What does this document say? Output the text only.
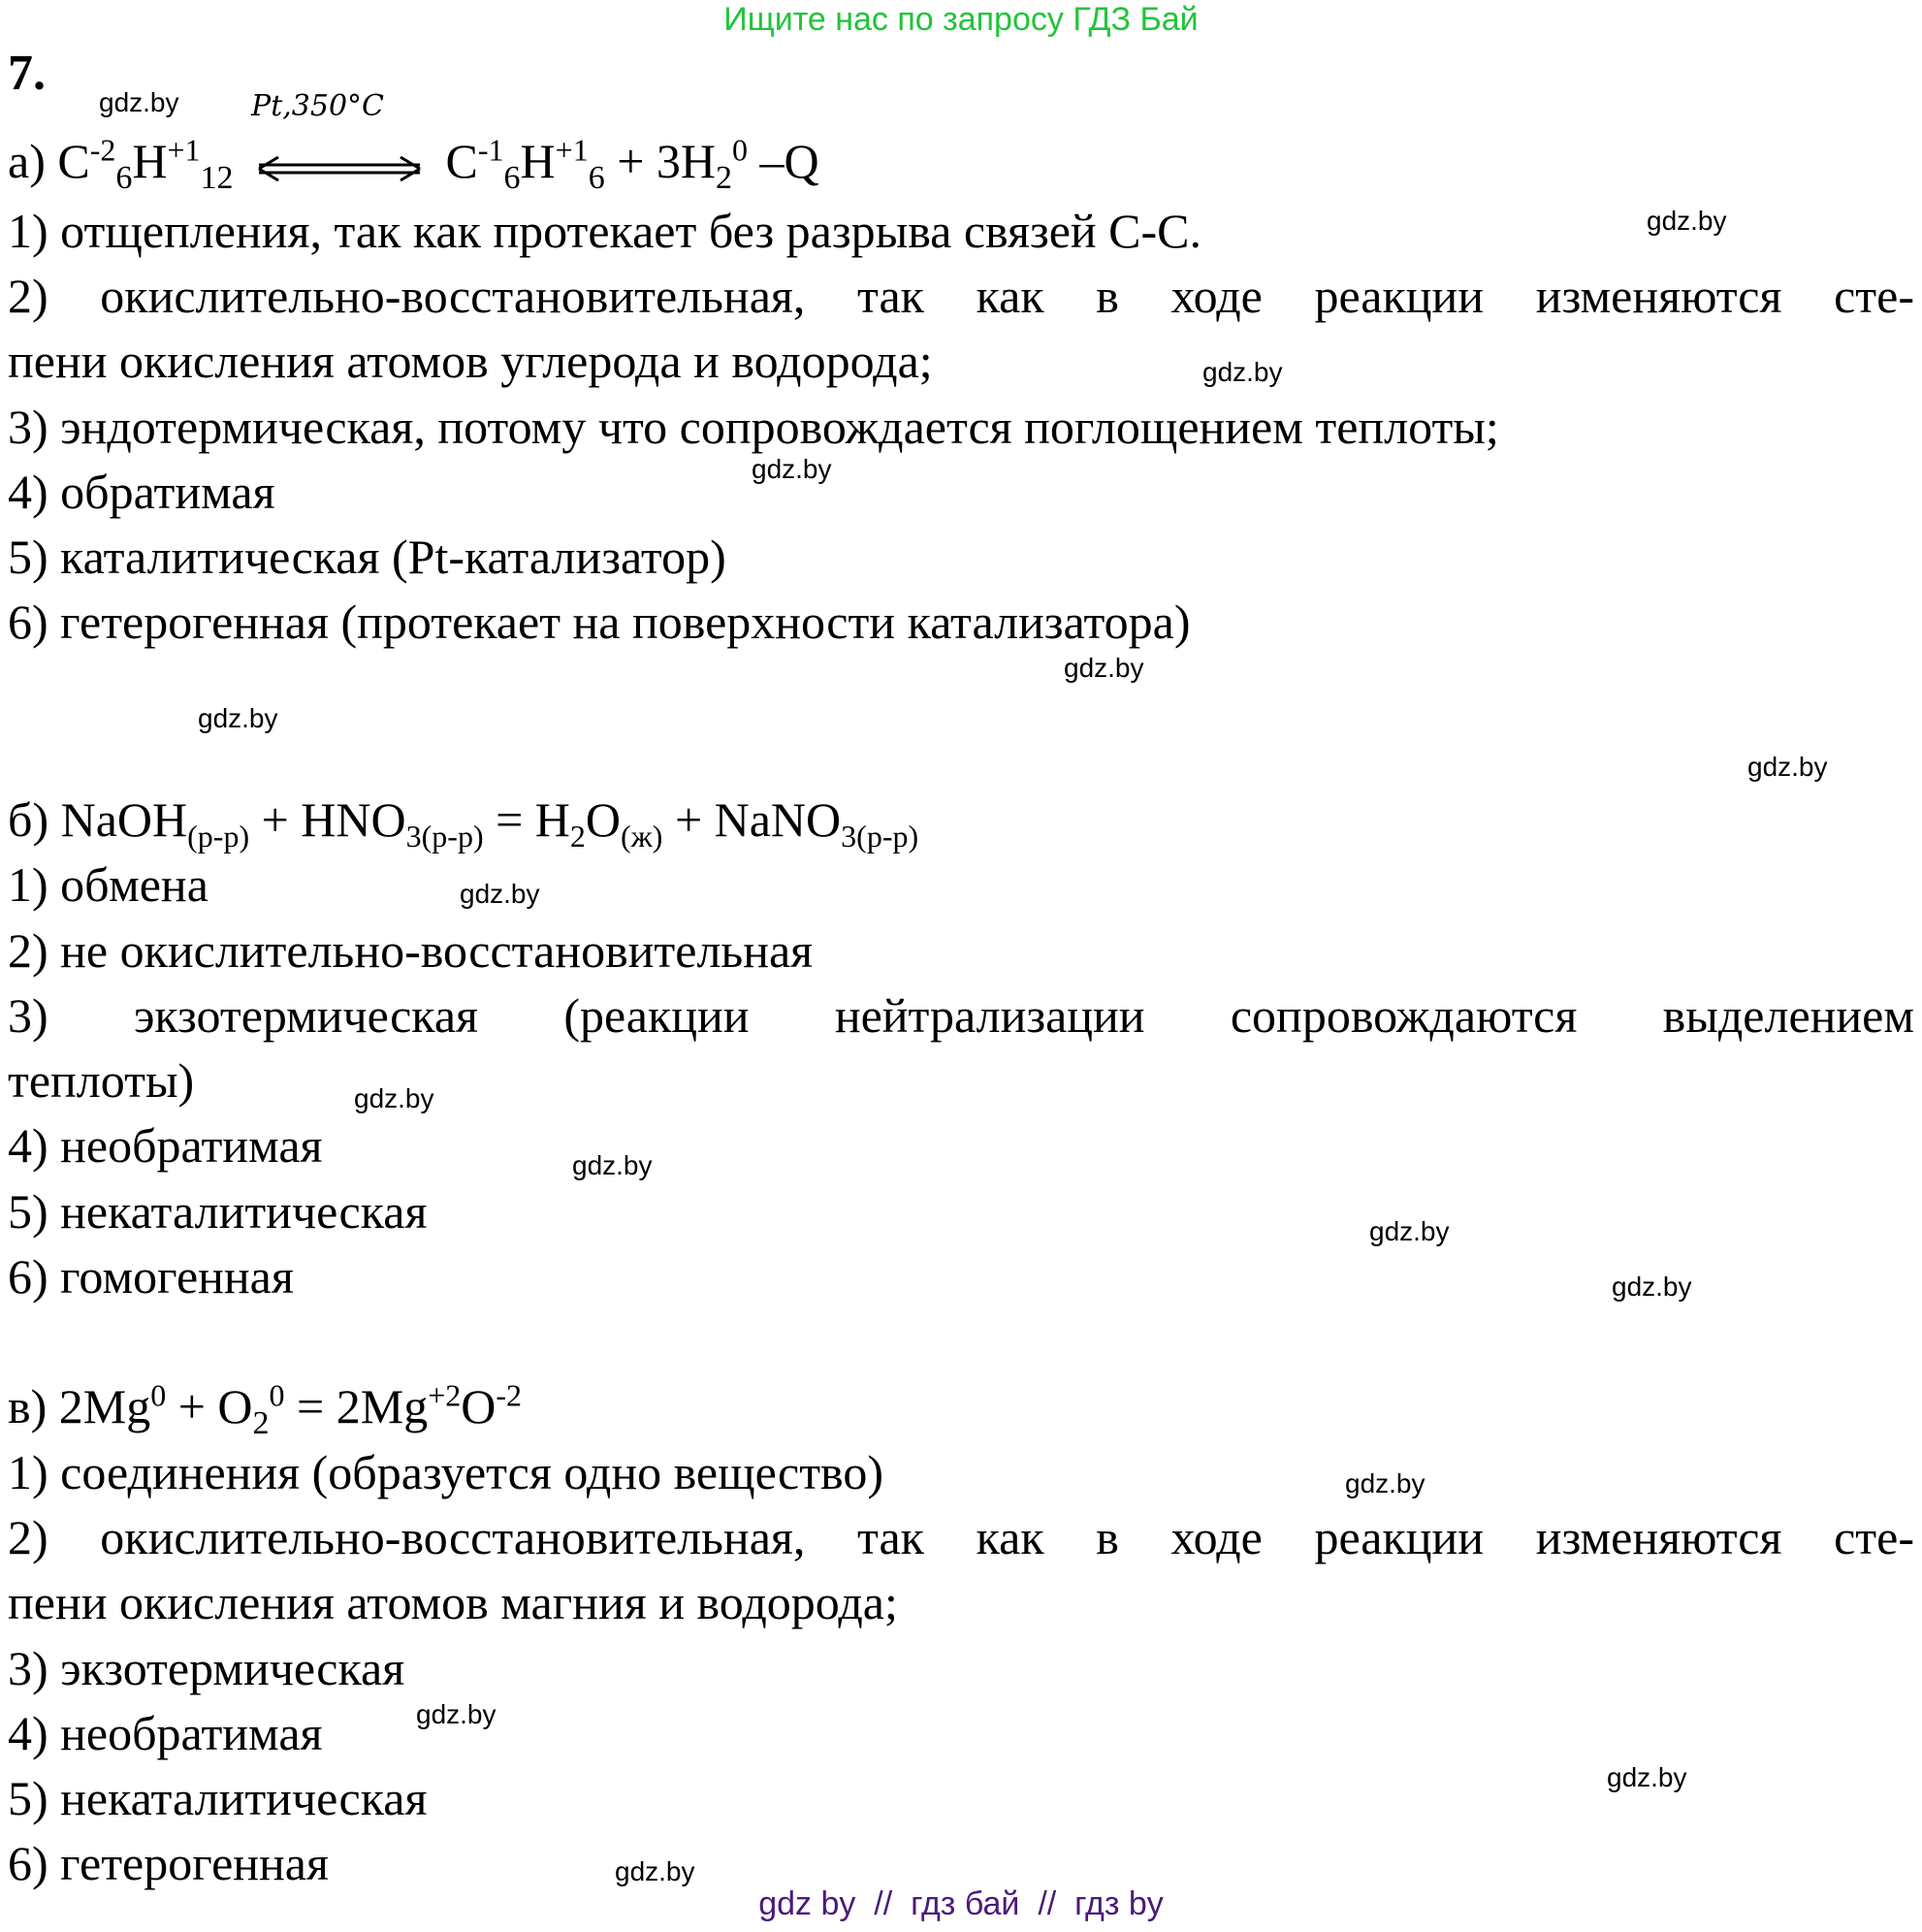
Ищите нас по запросу ГДЗ Бай
7.
а) $C^{-2}_6H^{+1}_{12}$
Pt,350°C
$C^{-1}_6H^{+1}_6 + 3H_2^0$ –Q
1) отщепления, так как протекает без разрыва связей С-С.
2) окислительно-восстановительная, так как в ходе реакции изменяются сте-
пени окисления атомов углерода и водорода;
3) эндотермическая, потому что сопровождается поглощением теплоты;
4) обратимая
5) каталитическая (Pt-катализатор)
6) гетерогенная (протекает на поверхности катализатора)
б) NaOH$_{(р-р)}$ + $HNO_{3(р-р)} = H_2O_{(ж)}$ + NaNO$_{3(р-р)}$
1) обмена
2) не окислительно-восстановительная
3) экзотермическая (реакции нейтрализации сопровождаются выделением
теплоты)
4) необратимая
5) некаталитическая
6) гомогенная
в) $2Mg^0 + O_2^0 = 2Mg^{+2}O^{-2}$
1) соединения (образуется одно вещество)
2) окислительно-восстановительная, так как в ходе реакции изменяются сте-
пени окисления атомов магния и водорода;
3) экзотермическая
4) необратимая
5) некаталитическая
6) гетерогенная
gdz.by
gdz.by
gdz.by
gdz.by
gdz.by
gdz.by
gdz.by
gdz.by
gdz.by
gdz.by
gdz.by
gdz.by
gdz.by
gdz.by
gdz.by
gdz.by
gdz by  //  гдз бай  //  гдз by
